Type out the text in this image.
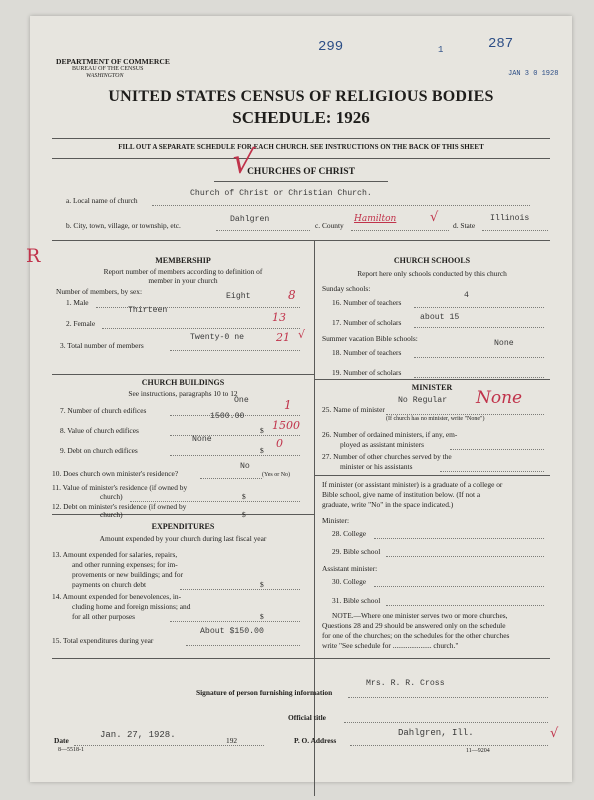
DEPARTMENT OF COMMERCE
BUREAU OF THE CENSUS
WASHINGTON
299	1	287
JAN 3 0 1928
UNITED STATES CENSUS OF RELIGIOUS BODIES
SCHEDULE: 1926
FILL OUT A SEPARATE SCHEDULE FOR EACH CHURCH. SEE INSTRUCTIONS ON THE BACK OF THIS SHEET
CHURCHES OF CHRIST
√
a. Local name of church
Church of Christ or Christian Church.
b. City, town, village, or township, etc.
Dahlgren
c. County
Hamilton	√
d. State
Illinois
R	MEMBERSHIP
Report number of members according to definition of
member in your church
Number of members, by sex:
1. Male
Eight	8
2. Female
Thirteen
13
3. Total number of members
Twenty-0 ne	21 √
CHURCH BUILDINGS
See instructions, paragraphs 10 to 12
7. Number of church edifices
One	1
8. Value of church edifices	$
1500.00
1500
9. Debt on church edifices	$
None	0
10. Does church own minister's residence?
No
(Yes or No)
11. Value of minister's residence (if owned by
church)	$
12. Debt on minister's residence (if owned by
church)	$
EXPENDITURES
Amount expended by your church during last fiscal year
13. Amount expended for salaries, repairs,
and other running expenses; for im-
provements or new buildings; and for
payments on church debt	$
14. Amount expended for benevolences, in-
cluding home and foreign missions; and
for all other purposes	$
15. Total expenditures during year
About $150.00
CHURCH SCHOOLS
Report here only schools conducted by this church
Sunday schools:
16. Number of teachers
4
17. Number of scholars
about 15
Summer vacation Bible schools:
18. Number of teachers
None
19. Number of scholars
MINISTER
25. Name of minister
(If church has no minister, write "None")
No Regular None
26. Number of ordained ministers, if any, em-
ployed as assistant ministers
27. Number of other churches served by the
minister or his assistants
If minister (or assistant minister) is a graduate of a college or
Bible school, give name of institution below. (If not a
graduate, write "No" in the space indicated.)
Minister:
28. College
29. Bible school
Assistant minister:
30. College
31. Bible school
NOTE.—Where one minister serves two or more churches,
Questions 28 and 29 should be answered only on the schedule
for one of the churches; on the schedules for the other churches
write "See schedule for ..................... church."
Signature of person furnishing information
Mrs. R. R. Cross
Official title
Date
Jan. 27, 1928.
192
8—5518-1
P. O. Address
Dahlgren, Ill.	√
11—9204
